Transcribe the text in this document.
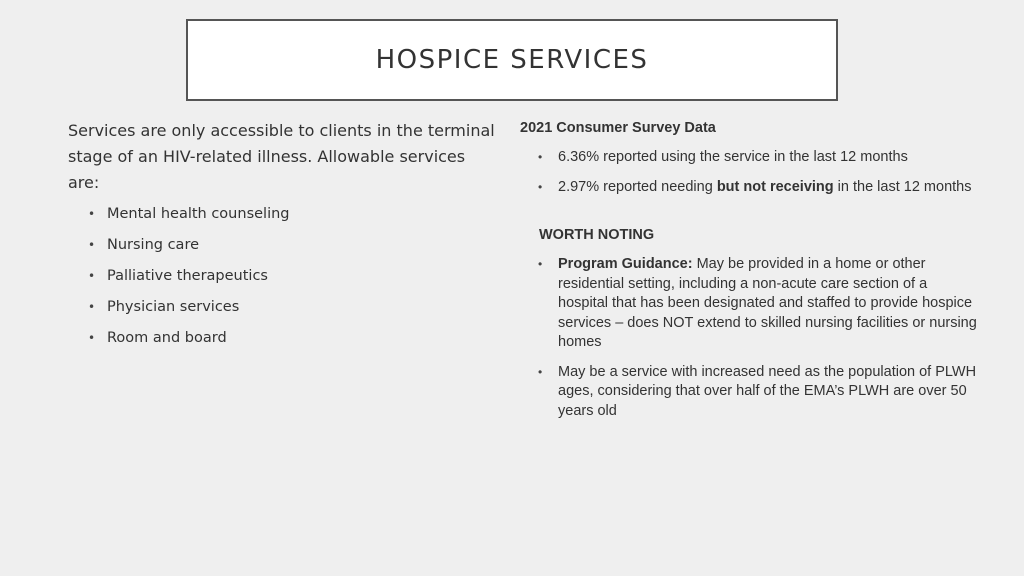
HOSPICE SERVICES

Services are only accessible to clients in the terminal stage of an HIV-related illness. Allowable services are:

• Mental health counseling
• Nursing care
• Palliative therapeutics
• Physician services
• Room and board

2021 Consumer Survey Data

• 6.36% reported using the service in the last 12 months
• 2.97% reported needing but not receiving in the last 12 months

WORTH NOTING

• Program Guidance: May be provided in a home or other residential setting, including a non-acute care section of a hospital that has been designated and staffed to provide hospice services – does NOT extend to skilled nursing facilities or nursing homes
• May be a service with increased need as the population of PLWH ages, considering that over half of the EMA’s PLWH are over 50 years old
